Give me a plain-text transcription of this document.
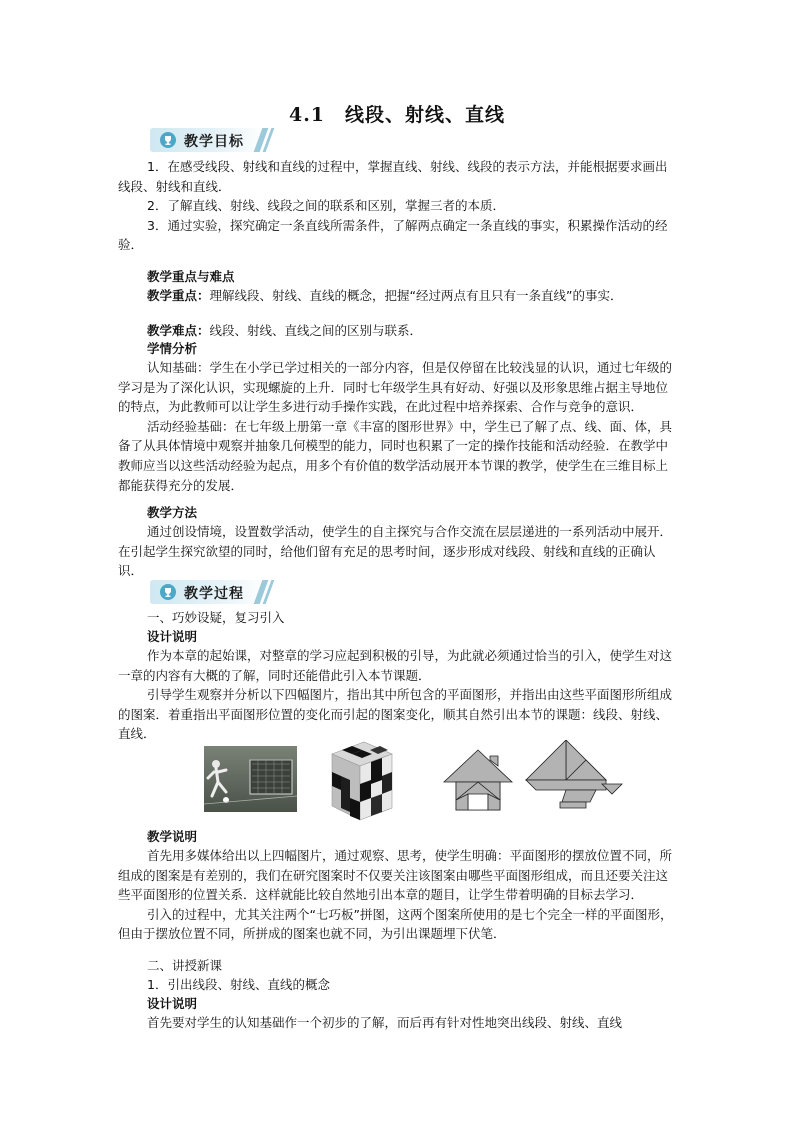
4.1　线段、射线、直线
教学目标

1．在感受线段、射线和直线的过程中，掌握直线、射线、线段的表示方法，并能根据要求画出线段、射线和直线．

2．了解直线、射线、线段之间的联系和区别，掌握三者的本质．

3．通过实验，探究确定一条直线所需条件，了解两点确定一条直线的事实，积累操作活动的经验．

教学重点与难点

教学重点：理解线段、射线、直线的概念，把握“经过两点有且只有一条直线”的事实．

教学难点：线段、射线、直线之间的区别与联系．

学情分析

认知基础：学生在小学已学过相关的一部分内容，但是仅停留在比较浅显的认识，通过七年级的学习是为了深化认识，实现螺旋的上升．同时七年级学生具有好动、好强以及形象思维占据主导地位的特点，为此教师可以让学生多进行动手操作实践，在此过程中培养探索、合作与竞争的意识．

活动经验基础：在七年级上册第一章《丰富的图形世界》中，学生已了解了点、线、面、体，具备了从具体情境中观察并抽象几何模型的能力，同时也积累了一定的操作技能和活动经验．在教学中教师应当以这些活动经验为起点，用多个有价值的数学活动展开本节课的教学，使学生在三维目标上都能获得充分的发展．

教学方法

通过创设情境，设置数学活动，使学生的自主探究与合作交流在层层递进的一系列活动中展开．在引起学生探究欲望的同时，给他们留有充足的思考时间，逐步形成对线段、射线和直线的正确认识．

教学过程
一、巧妙设疑，复习引入
设计说明

作为本章的起始课，对整章的学习应起到积极的引导，为此就必须通过恰当的引入，使学生对这一章的内容有大概的了解，同时还能借此引入本节课题．

引导学生观察并分析以下四幅图片，指出其中所包含的平面图形，并指出由这些平面图形所组成的图案．着重指出平面图形位置的变化而引起的图案变化，顺其自然引出本节的课题：线段、射线、直线．

教学说明

首先用多媒体给出以上四幅图片，通过观察、思考，使学生明确：平面图形的摆放位置不同，所组成的图案是有差别的，我们在研究图案时不仅要关注该图案由哪些平面图形组成，而且还要关注这些平面图形的位置关系．这样就能比较自然地引出本章的题目，让学生带着明确的目标去学习．

引入的过程中，尤其关注两个“七巧板”拼图，这两个图案所使用的是七个完全一样的平面图形，但由于摆放位置不同，所拼成的图案也就不同，为引出课题埋下伏笔．

二、讲授新课
1．引出线段、射线、直线的概念
设计说明
首先要对学生的认知基础作一个初步的了解，而后再有针对性地突出线段、射线、直线
